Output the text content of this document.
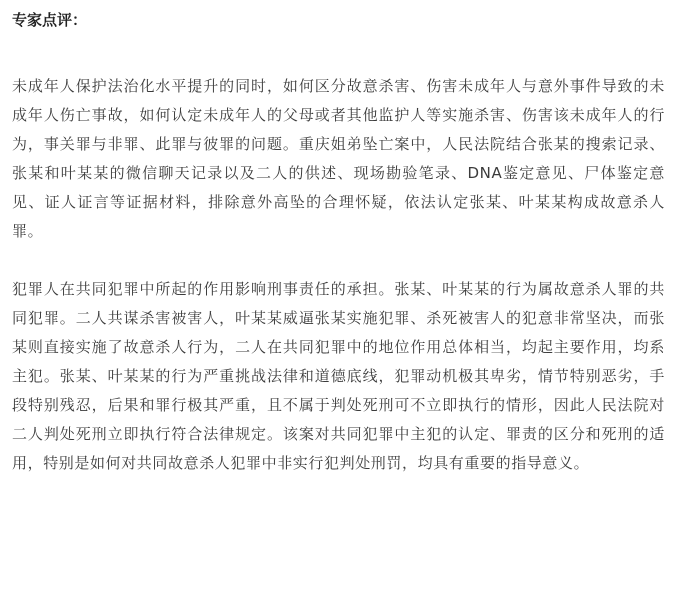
专家点评：

未成年人保护法治化水平提升的同时，如何区分故意杀害、伤害未成年人与意外事件导致的未成年人伤亡事故，如何认定未成年人的父母或者其他监护人等实施杀害、伤害该未成年人的行为，事关罪与非罪、此罪与彼罪的问题。重庆姐弟坠亡案中，人民法院结合张某的搜索记录、张某和叶某某的微信聊天记录以及二人的供述、现场勘验笔录、DNA鉴定意见、尸体鉴定意见、证人证言等证据材料，排除意外高坠的合理怀疑，依法认定张某、叶某某构成故意杀人罪。

犯罪人在共同犯罪中所起的作用影响刑事责任的承担。张某、叶某某的行为属故意杀人罪的共同犯罪。二人共谋杀害被害人，叶某某威逼张某实施犯罪、杀死被害人的犯意非常坚决，而张某则直接实施了故意杀人行为，二人在共同犯罪中的地位作用总体相当，均起主要作用，均系主犯。张某、叶某某的行为严重挑战法律和道德底线，犯罪动机极其卑劣，情节特别恶劣，手段特别残忍，后果和罪行极其严重，且不属于判处死刑可不立即执行的情形，因此人民法院对二人判处死刑立即执行符合法律规定。该案对共同犯罪中主犯的认定、罪责的区分和死刑的适用，特别是如何对共同故意杀人犯罪中非实行犯判处刑罚，均具有重要的指导意义。
